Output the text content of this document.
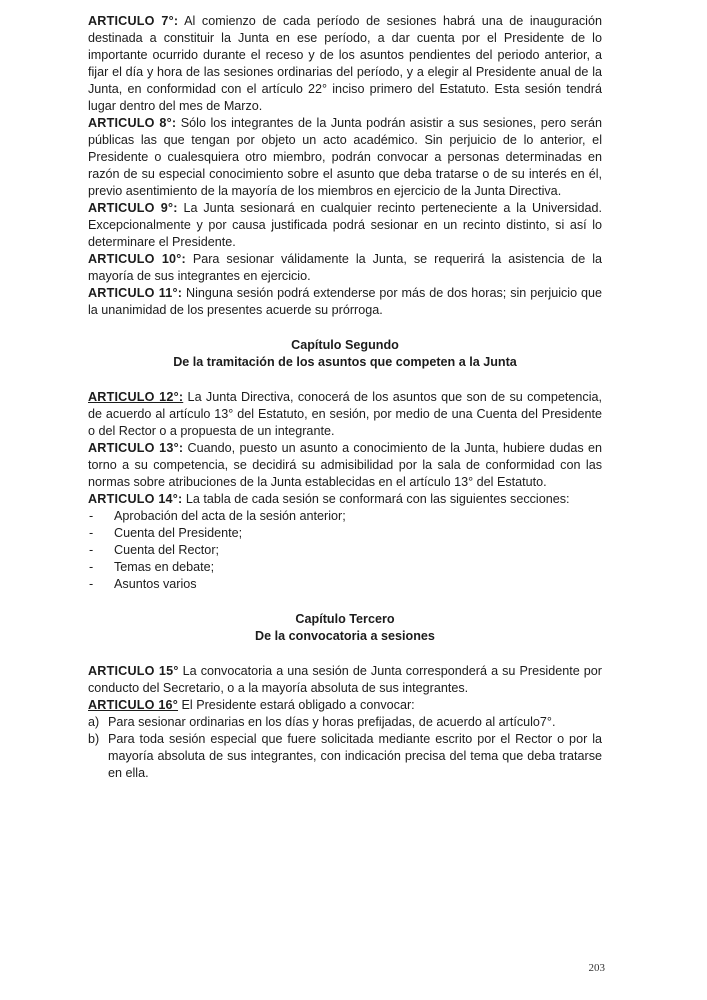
ARTICULO 7°: Al comienzo de cada período de sesiones habrá una de inauguración destinada a constituir la Junta en ese período, a dar cuenta por el Presidente de lo importante ocurrido durante el receso y de los asuntos pendientes del periodo anterior, a fijar el día y hora de las sesiones ordinarias del período, y a elegir al Presidente anual de la Junta, en conformidad con el artículo 22° inciso primero del Estatuto. Esta sesión tendrá lugar dentro del mes de Marzo.

ARTICULO 8°: Sólo los integrantes de la Junta podrán asistir a sus sesiones, pero serán públicas las que tengan por objeto un acto académico. Sin perjuicio de lo anterior, el Presidente o cualesquiera otro miembro, podrán convocar a personas determinadas en razón de su especial conocimiento sobre el asunto que deba tratarse o de su interés en él, previo asentimiento de la mayoría de los miembros en ejercicio de la Junta Directiva.

ARTICULO 9°: La Junta sesionará en cualquier recinto perteneciente a la Universidad. Excepcionalmente y por causa justificada podrá sesionar en un recinto distinto, si así lo determinare el Presidente.

ARTICULO 10°: Para sesionar válidamente la Junta, se requerirá la asistencia de la mayoría de sus integrantes en ejercicio.

ARTICULO 11°: Ninguna sesión podrá extenderse por más de dos horas; sin perjuicio que la unanimidad de los presentes acuerde su prórroga.

Capítulo Segundo
De la tramitación de los asuntos que competen a la Junta

ARTICULO 12°: La Junta Directiva, conocerá de los asuntos que son de su competencia, de acuerdo al artículo 13° del Estatuto, en sesión, por medio de una Cuenta del Presidente o del Rector o a propuesta de un integrante.

ARTICULO 13°: Cuando, puesto un asunto a conocimiento de la Junta, hubiere dudas en torno a su competencia, se decidirá su admisibilidad por la sala de conformidad con las normas sobre atribuciones de la Junta establecidas en el artículo 13° del Estatuto.

ARTICULO 14°: La tabla de cada sesión se conformará con las siguientes secciones:

- Aprobación del acta de la sesión anterior;
- Cuenta del Presidente;
- Cuenta del Rector;
- Temas en debate;
- Asuntos varios
Capítulo Tercero
De la convocatoria a sesiones

ARTICULO 15° La convocatoria a una sesión de Junta corresponderá a su Presidente por conducto del Secretario, o a la mayoría absoluta de sus integrantes.

ARTICULO 16° El Presidente estará obligado a convocar:

a) Para sesionar ordinarias en los días y horas prefijadas, de acuerdo al artículo7°.
b) Para toda sesión especial que fuere solicitada mediante escrito por el Rector o por la mayoría absoluta de sus integrantes, con indicación precisa del tema que deba tratarse en ella.
203
